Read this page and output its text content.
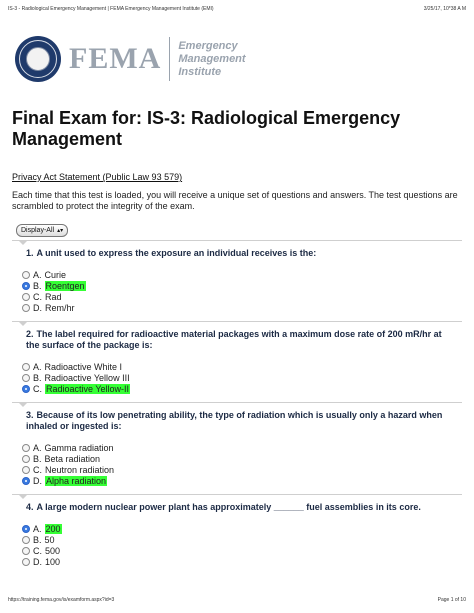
IS-3 - Radiological Emergency Management | FEMA Emergency Management Institute (EMI)	3/25/17, 10*38 A M
FEMA Emergency
Management
Institute
Final Exam for: IS-3: Radiological Emergency Management
Privacy Act Statement (Public Law 93 579)
Each time that this test is loaded, you will receive a unique set of questions and answers. The test questions are scrambled to protect the integrity of the exam.
Display-All ▴▾
1. A unit used to express the exposure an individual receives is the:
A. Curie
B. Roentgen
C. Rad
D. Rem/hr
2. The label required for radioactive material packages with a maximum dose rate of 200 mR/hr at the surface of the package is:
A. Radioactive White I
B. Radioactive Yellow III
C. Radioactive Yellow-II
3. Because of its low penetrating ability, the type of radiation which is usually only a hazard when inhaled or ingested is:
A. Gamma radiation
B. Beta radiation
C. Neutron radiation
D. Alpha radiation
4. A large modern nuclear power plant has approximately ______ fuel assemblies in its core.
A. 200
B. 50
C. 500
D. 100
https://training.fema.gov/is/examform.aspx?id=3	Page 1 of 10
